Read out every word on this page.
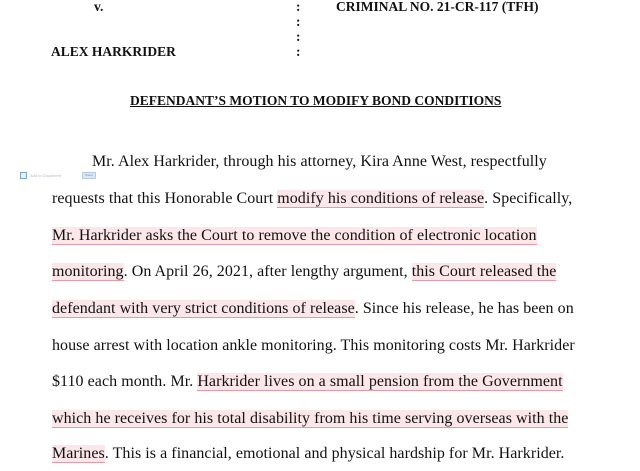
v.	:	CRIMINAL NO. 21-CR-117 (TFH)
:
:
ALEX HARKRIDER	:
DEFENDANT’S MOTION TO MODIFY BOND CONDITIONS
Add to Document	Share
Mr. Alex Harkrider, through his attorney, Kira Anne West, respectfully
requests that this Honorable Court modify his conditions of release. Specifically,
Mr. Harkrider asks the Court to remove the condition of electronic location
monitoring. On April 26, 2021, after lengthy argument, this Court released the
defendant with very strict conditions of release. Since his release, he has been on
house arrest with location ankle monitoring. This monitoring costs Mr. Harkrider
$110 each month. Mr. Harkrider lives on a small pension from the Government
which he receives for his total disability from his time serving overseas with the
Marines. This is a financial, emotional and physical hardship for Mr. Harkrider.
